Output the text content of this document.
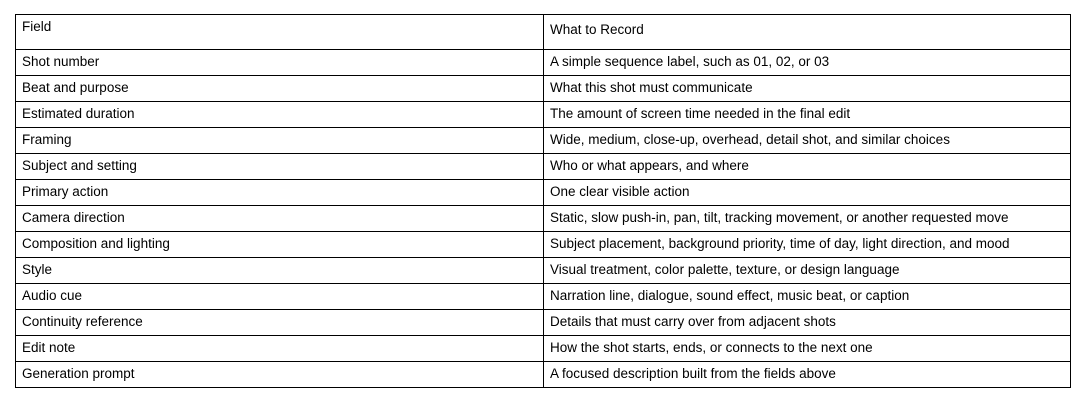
Field	What to Record
Shot number	A simple sequence label, such as 01, 02, or 03
Beat and purpose	What this shot must communicate
Estimated duration	The amount of screen time needed in the final edit
Framing	Wide, medium, close-up, overhead, detail shot, and similar choices
Subject and setting	Who or what appears, and where
Primary action	One clear visible action
Camera direction	Static, slow push-in, pan, tilt, tracking movement, or another requested move
Composition and lighting	Subject placement, background priority, time of day, light direction, and mood
Style	Visual treatment, color palette, texture, or design language
Audio cue	Narration line, dialogue, sound effect, music beat, or caption
Continuity reference	Details that must carry over from adjacent shots
Edit note	How the shot starts, ends, or connects to the next one
Generation prompt	A focused description built from the fields above
